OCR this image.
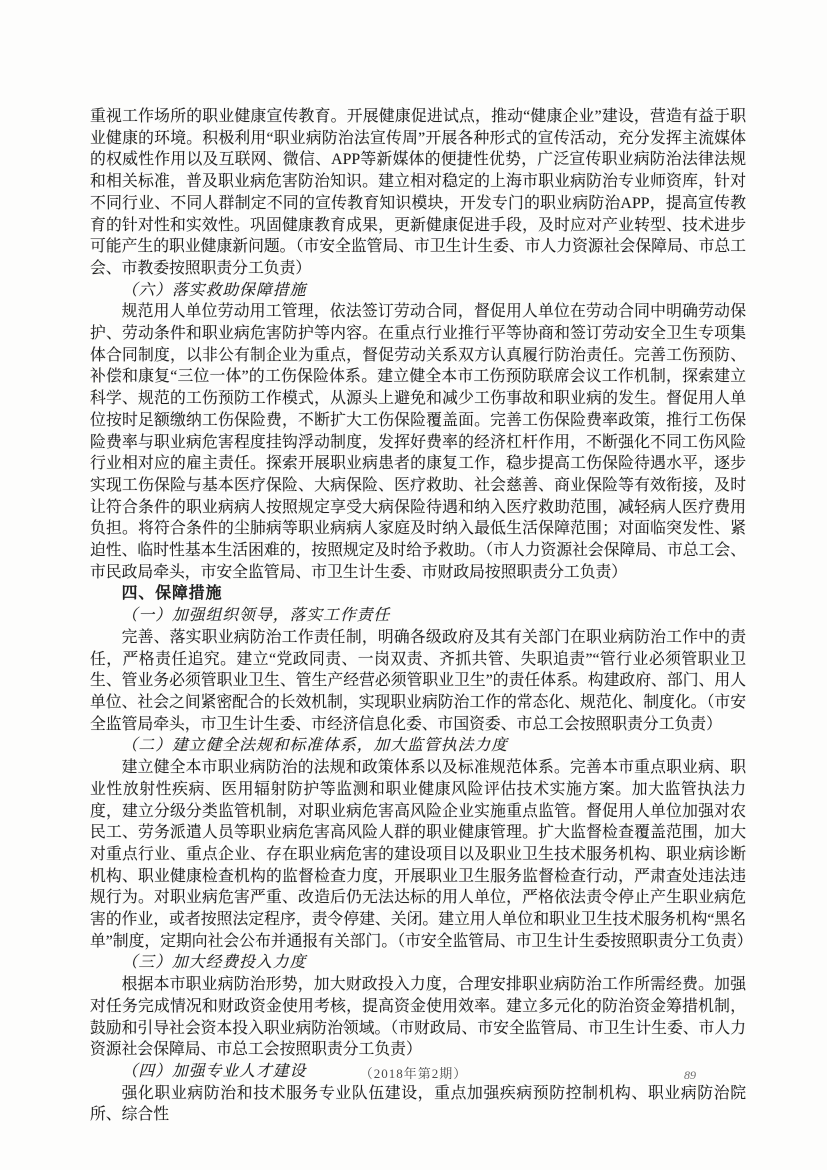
重视工作场所的职业健康宣传教育。开展健康促进试点，推动“健康企业”建设，营造有益于职业健康的环境。积极利用“职业病防治法宣传周”开展各种形式的宣传活动，充分发挥主流媒体的权威性作用以及互联网、微信、APP等新媒体的便捷性优势，广泛宣传职业病防治法律法规和相关标准，普及职业病危害防治知识。建立相对稳定的上海市职业病防治专业师资库，针对不同行业、不同人群制定不同的宣传教育知识模块，开发专门的职业病防治APP，提高宣传教育的针对性和实效性。巩固健康教育成果，更新健康促进手段，及时应对产业转型、技术进步可能产生的职业健康新问题。（市安全监管局、市卫生计生委、市人力资源社会保障局、市总工会、市教委按照职责分工负责）

（六）落实救助保障措施

规范用人单位劳动用工管理，依法签订劳动合同，督促用人单位在劳动合同中明确劳动保护、劳动条件和职业病危害防护等内容。在重点行业推行平等协商和签订劳动安全卫生专项集体合同制度，以非公有制企业为重点，督促劳动关系双方认真履行防治责任。完善工伤预防、补偿和康复“三位一体”的工伤保险体系。建立健全本市工伤预防联席会议工作机制，探索建立科学、规范的工伤预防工作模式，从源头上避免和减少工伤事故和职业病的发生。督促用人单位按时足额缴纳工伤保险费，不断扩大工伤保险覆盖面。完善工伤保险费率政策，推行工伤保险费率与职业病危害程度挂钩浮动制度，发挥好费率的经济杠杆作用，不断强化不同工伤风险行业相对应的雇主责任。探索开展职业病患者的康复工作，稳步提高工伤保险待遇水平，逐步实现工伤保险与基本医疗保险、大病保险、医疗救助、社会慈善、商业保险等有效衔接，及时让符合条件的职业病病人按照规定享受大病保险待遇和纳入医疗救助范围，减轻病人医疗费用负担。将符合条件的尘肺病等职业病病人家庭及时纳入最低生活保障范围；对面临突发性、紧迫性、临时性基本生活困难的，按照规定及时给予救助。（市人力资源社会保障局、市总工会、市民政局牵头，市安全监管局、市卫生计生委、市财政局按照职责分工负责）

四、保障措施

（一）加强组织领导，落实工作责任

完善、落实职业病防治工作责任制，明确各级政府及其有关部门在职业病防治工作中的责任，严格责任追究。建立“党政同责、一岗双责、齐抓共管、失职追责”“管行业必须管职业卫生、管业务必须管职业卫生、管生产经营必须管职业卫生”的责任体系。构建政府、部门、用人单位、社会之间紧密配合的长效机制，实现职业病防治工作的常态化、规范化、制度化。（市安全监管局牵头，市卫生计生委、市经济信息化委、市国资委、市总工会按照职责分工负责）

（二）建立健全法规和标准体系，加大监管执法力度

建立健全本市职业病防治的法规和政策体系以及标准规范体系。完善本市重点职业病、职业性放射性疾病、医用辐射防护等监测和职业健康风险评估技术实施方案。加大监管执法力度，建立分级分类监管机制，对职业病危害高风险企业实施重点监管。督促用人单位加强对农民工、劳务派遣人员等职业病危害高风险人群的职业健康管理。扩大监督检查覆盖范围，加大对重点行业、重点企业、存在职业病危害的建设项目以及职业卫生技术服务机构、职业病诊断机构、职业健康检查机构的监督检查力度，开展职业卫生服务监督检查行动，严肃查处违法违规行为。对职业病危害严重、改造后仍无法达标的用人单位，严格依法责令停止产生职业病危害的作业，或者按照法定程序，责令停建、关闭。建立用人单位和职业卫生技术服务机构“黑名单”制度，定期向社会公布并通报有关部门。（市安全监管局、市卫生计生委按照职责分工负责）

（三）加大经费投入力度

根据本市职业病防治形势，加大财政投入力度，合理安排职业病防治工作所需经费。加强对任务完成情况和财政资金使用考核，提高资金使用效率。建立多元化的防治资金筹措机制，鼓励和引导社会资本投入职业病防治领域。（市财政局、市安全监管局、市卫生计生委、市人力资源社会保障局、市总工会按照职责分工负责）

（四）加强专业人才建设

强化职业病防治和技术服务专业队伍建设，重点加强疾病预防控制机构、职业病防治院所、综合性

（2018年第2期）	89
